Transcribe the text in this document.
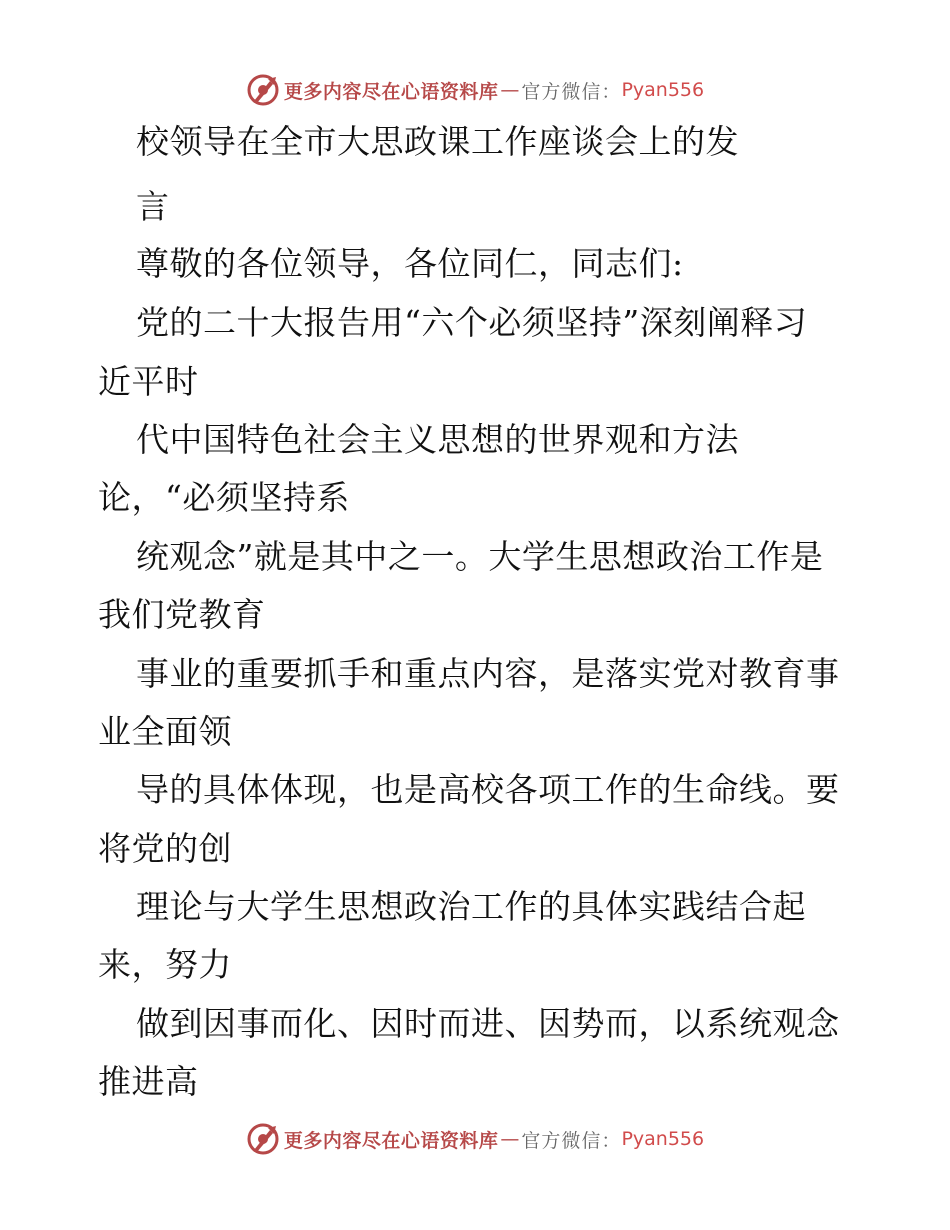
更多内容尽在心语资料库 — 官方微信： Pyan556
校领导在全市大思政课工作座谈会上的发
言
尊敬的各位领导，各位同仁，同志们:
党的二十大报告用“六个必须坚持”深刻阐释习
近平时
代中国特色社会主义思想的世界观和方法
论，“必须坚持系
统观念”就是其中之一。大学生思想政治工作是
我们党教育
事业的重要抓手和重点内容，是落实党对教育事
业全面领
导的具体体现，也是高校各项工作的生命线。要
将党的创
理论与大学生思想政治工作的具体实践结合起
来，努力
做到因事而化、因时而进、因势而，以系统观念
推进高
更多内容尽在心语资料库 — 官方微信： Pyan556
